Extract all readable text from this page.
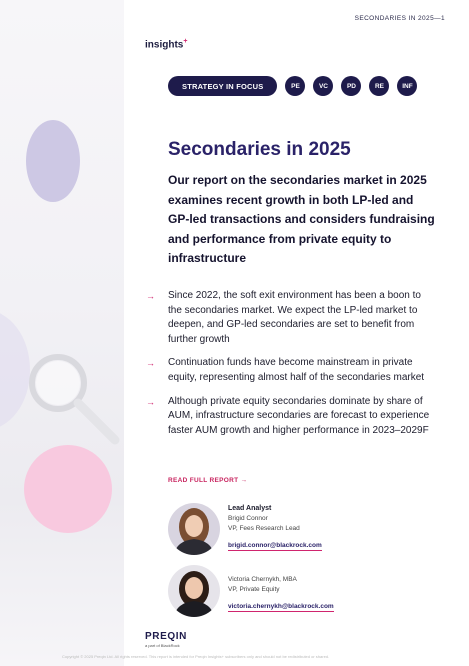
SECONDARIES IN 2025—1
insights+
STRATEGY IN FOCUS	PE	VC	PD	RE	INF
Secondaries in 2025
Our report on the secondaries market in 2025 examines recent growth in both LP-led and GP-led transactions and considers fundraising and performance from private equity to infrastructure
→ Since 2022, the soft exit environment has been a boon to the secondaries market. We expect the LP-led market to deepen, and GP-led secondaries are set to benefit from further growth
→ Continuation funds have become mainstream in private equity, representing almost half of the secondaries market
→ Although private equity secondaries dominate by share of AUM, infrastructure secondaries are forecast to experience faster AUM growth and higher performance in 2023–2029F
READ FULL REPORT →
Lead Analyst
Brigid Connor
VP, Fees Research Lead
brigid.connor@blackrock.com
Victoria Chernykh, MBA
VP, Private Equity
victoria.chernykh@blackrock.com
PREQIN
a part of BlackRock
Copyright © 2025 Preqin Ltd. All rights reserved. This report is intended for Preqin Insights+ subscribers only and should not be redistributed or shared.
